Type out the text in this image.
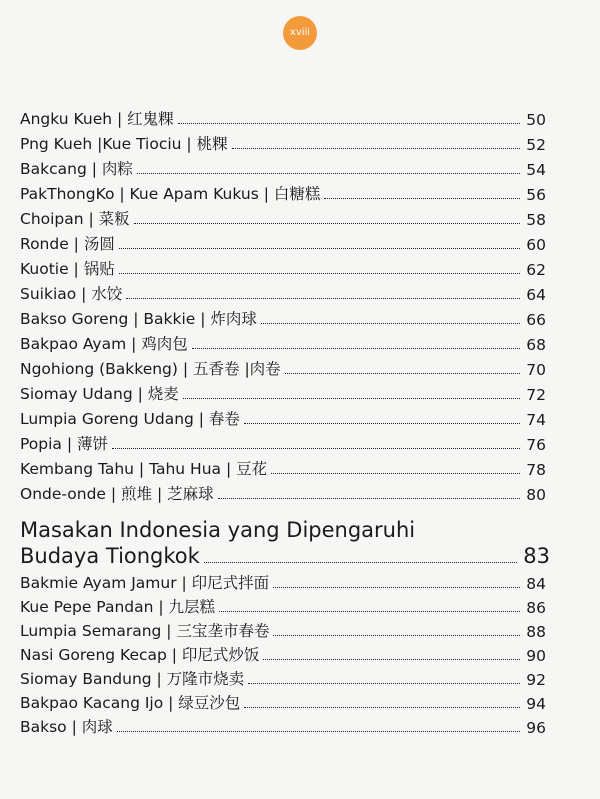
xviii
Angku Kueh | 红鬼粿	50
Png Kueh |Kue Tiociu | 桃粿	52
Bakcang | 肉粽	54
PakThongKo | Kue Apam Kukus | 白糖糕	56
Choipan | 菜粄	58
Ronde | 汤圆	60
Kuotie | 锅贴	62
Suikiao | 水饺	64
Bakso Goreng | Bakkie | 炸肉球	66
Bakpao Ayam | 鸡肉包	68
Ngohiong (Bakkeng) | 五香卷 |肉卷	70
Siomay Udang | 烧麦	72
Lumpia Goreng Udang | 春卷	74
Popia | 薄饼	76
Kembang Tahu | Tahu Hua | 豆花	78
Onde-onde | 煎堆 | 芝麻球	80
Masakan Indonesia yang Dipengaruhi
Budaya Tiongkok	83
Bakmie Ayam Jamur | 印尼式拌面	84
Kue Pepe Pandan | 九层糕	86
Lumpia Semarang | 三宝垄市春卷	88
Nasi Goreng Kecap | 印尼式炒饭	90
Siomay Bandung | 万隆市烧卖	92
Bakpao Kacang Ijo | 绿豆沙包	94
Bakso | 肉球	96
